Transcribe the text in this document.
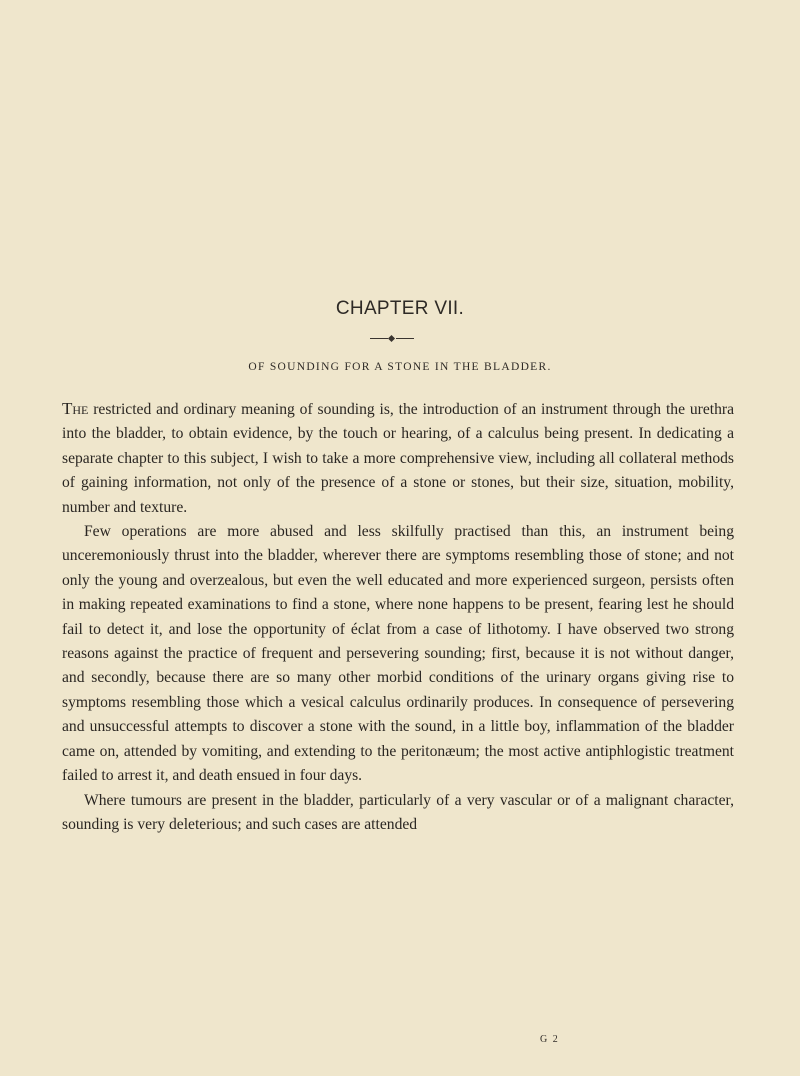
CHAPTER VII.
OF SOUNDING FOR A STONE IN THE BLADDER.

The restricted and ordinary meaning of sounding is, the introduction of an instrument through the urethra into the bladder, to obtain evidence, by the touch or hearing, of a calculus being present. In dedicating a separate chapter to this subject, I wish to take a more comprehensive view, including all collateral methods of gaining information, not only of the presence of a stone or stones, but their size, situation, mobility, number and texture.

Few operations are more abused and less skilfully practised than this, an instrument being unceremoniously thrust into the bladder, wherever there are symptoms resembling those of stone; and not only the young and overzealous, but even the well educated and more experienced surgeon, persists often in making repeated examinations to find a stone, where none happens to be present, fearing lest he should fail to detect it, and lose the opportunity of éclat from a case of lithotomy. I have observed two strong reasons against the practice of frequent and persevering sounding; first, because it is not without danger, and secondly, because there are so many other morbid conditions of the urinary organs giving rise to symptoms resembling those which a vesical calculus ordinarily produces. In consequence of persevering and unsuccessful attempts to discover a stone with the sound, in a little boy, inflammation of the bladder came on, attended by vomiting, and extending to the peritonæum; the most active antiphlogistic treatment failed to arrest it, and death ensued in four days.

Where tumours are present in the bladder, particularly of a very vascular or of a malignant character, sounding is very deleterious; and such cases are attended

G 2
